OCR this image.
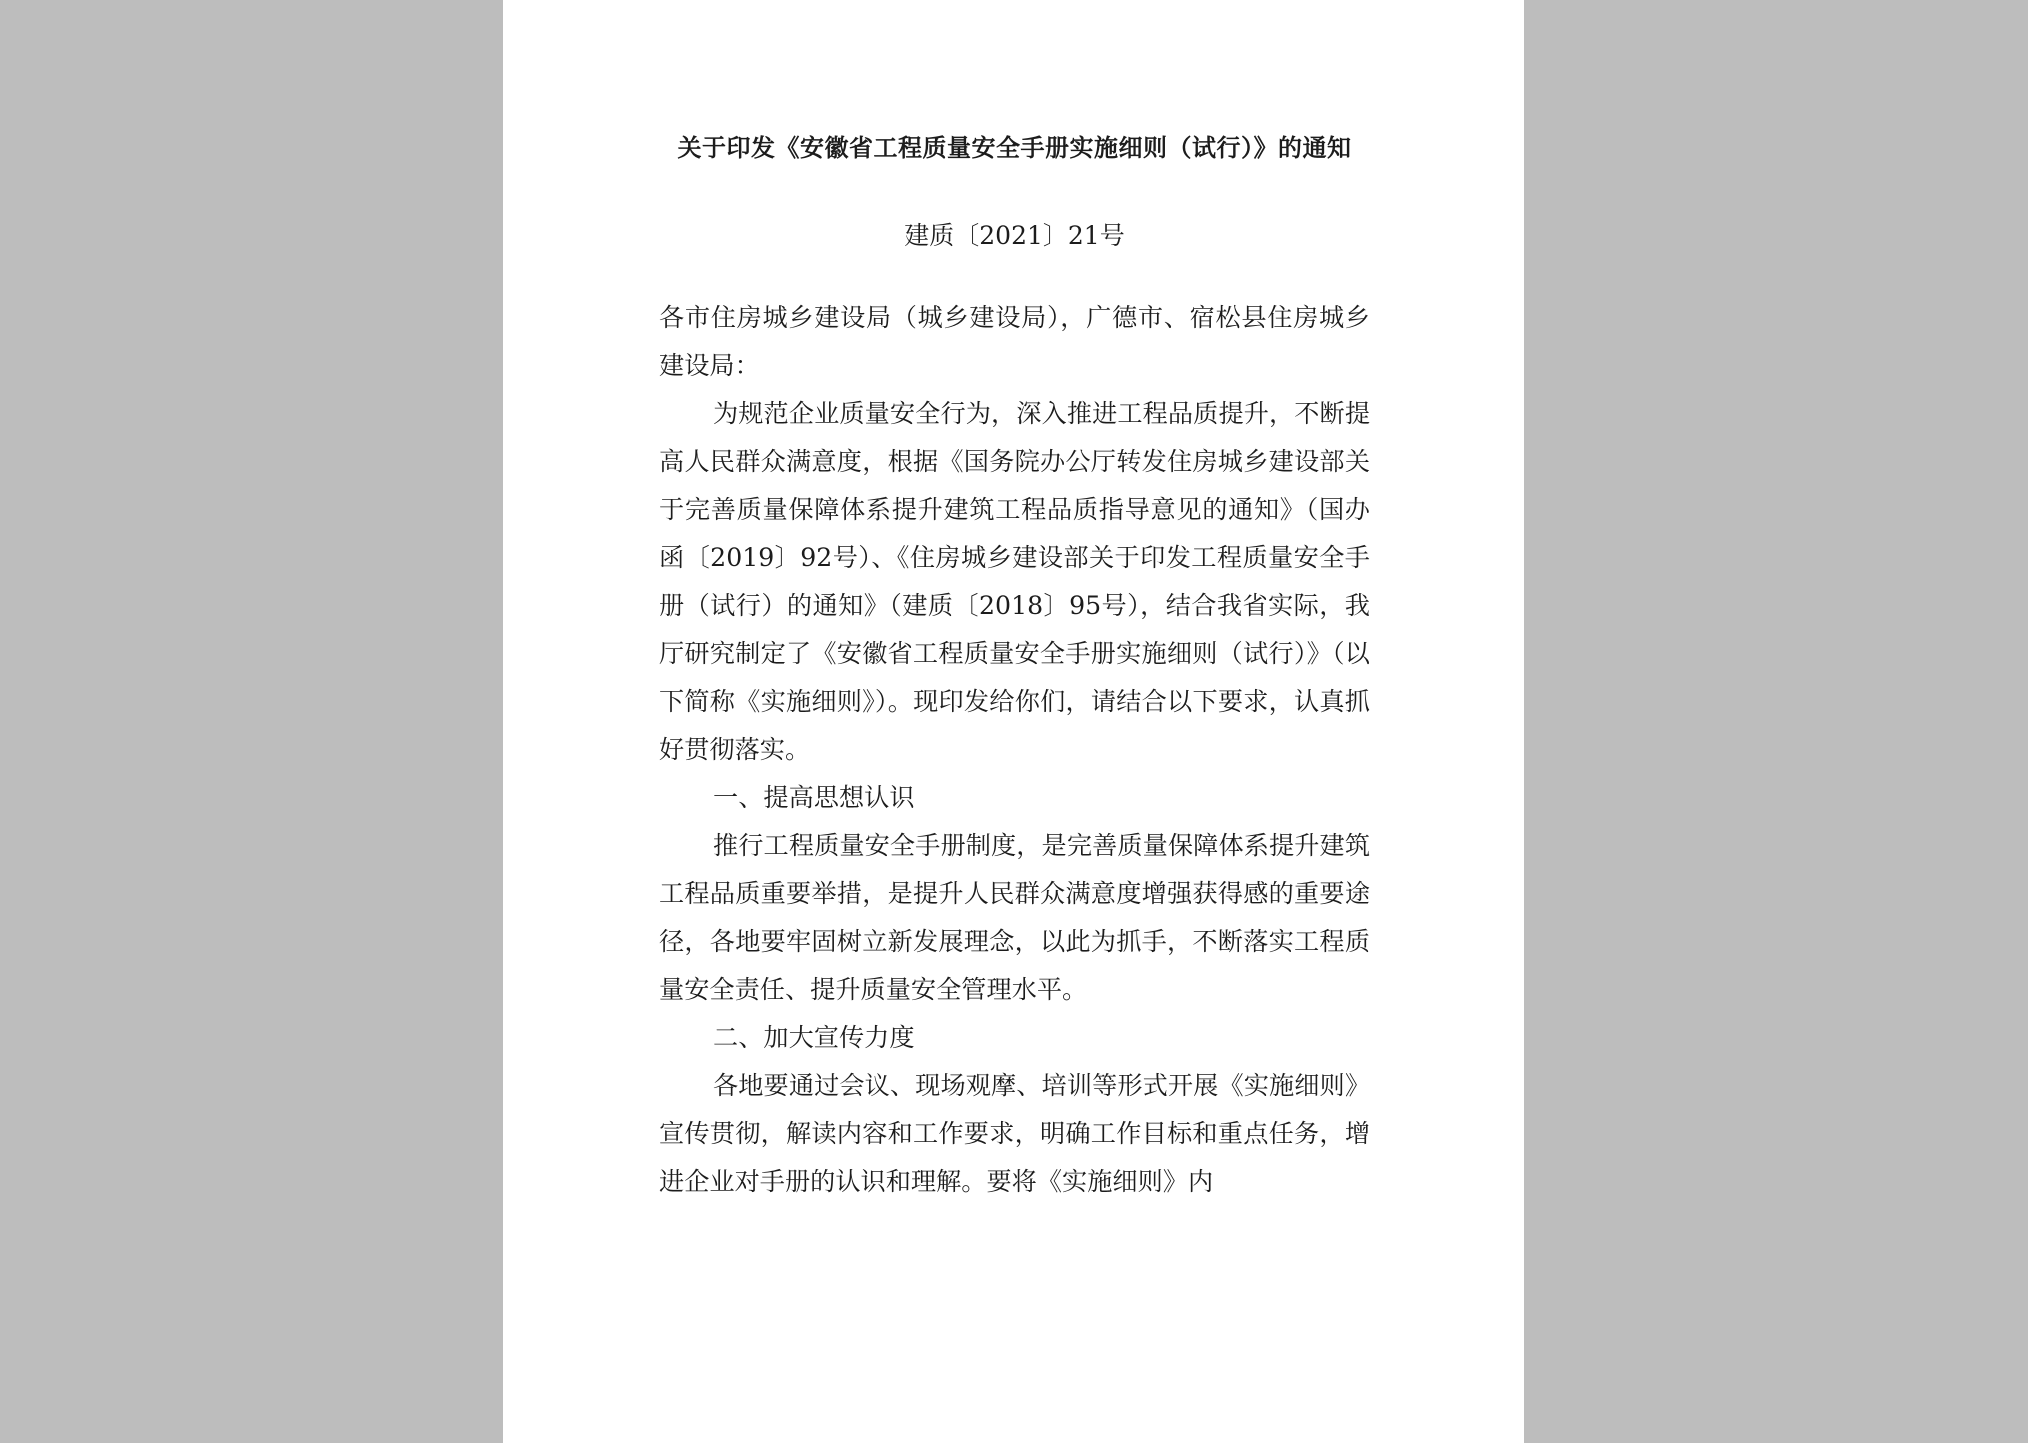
关于印发《安徽省工程质量安全手册实施细则（试行）》的通知
建质〔2021〕21号

各市住房城乡建设局（城乡建设局），广德市、宿松县住房城乡建设局：

为规范企业质量安全行为，深入推进工程品质提升，不断提高人民群众满意度，根据《国务院办公厅转发住房城乡建设部关于完善质量保障体系提升建筑工程品质指导意见的通知》（国办函〔2019〕92号）、《住房城乡建设部关于印发工程质量安全手册（试行）的通知》（建质〔2018〕95号），结合我省实际，我厅研究制定了《安徽省工程质量安全手册实施细则（试行）》（以下简称《实施细则》）。现印发给你们，请结合以下要求，认真抓好贯彻落实。

一、提高思想认识

推行工程质量安全手册制度，是完善质量保障体系提升建筑工程品质重要举措，是提升人民群众满意度增强获得感的重要途径，各地要牢固树立新发展理念，以此为抓手，不断落实工程质量安全责任、提升质量安全管理水平。

二、加大宣传力度

各地要通过会议、现场观摩、培训等形式开展《实施细则》宣传贯彻，解读内容和工作要求，明确工作目标和重点任务，增进企业对手册的认识和理解。要将《实施细则》内
